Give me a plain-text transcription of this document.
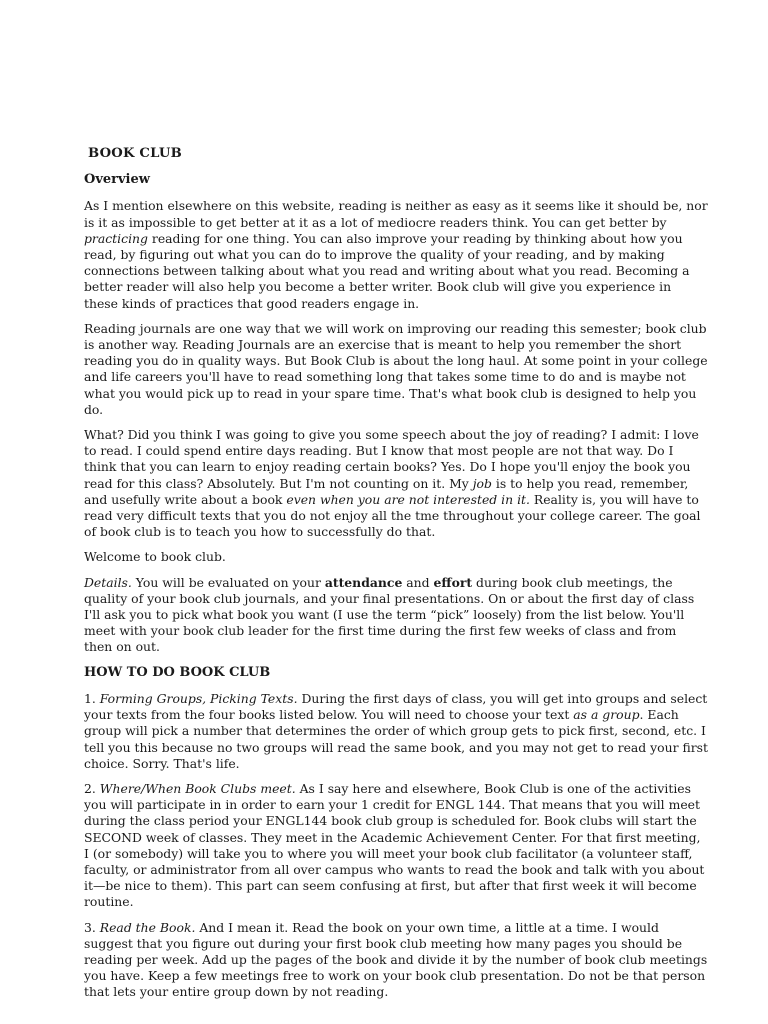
BOOK CLUB
Overview

As I mention elsewhere on this website, reading is neither as easy as it seems like it should be, nor is it as impossible to get better at it as a lot of mediocre readers think. You can get better by practicing reading for one thing. You can also improve your reading by thinking about how you read, by figuring out what you can do to improve the quality of your reading, and by making connections between talking about what you read and writing about what you read. Becoming a better reader will also help you become a better writer. Book club will give you experience in these kinds of practices that good readers engage in.

Reading journals are one way that we will work on improving our reading this semester; book club is another way. Reading Journals are an exercise that is meant to help you remember the short reading you do in quality ways. But Book Club is about the long haul. At some point in your college and life careers you'll have to read something long that takes some time to do and is maybe not what you would pick up to read in your spare time. That's what book club is designed to help you do.

What? Did you think I was going to give you some speech about the joy of reading? I admit: I love to read. I could spend entire days reading. But I know that most people are not that way. Do I think that you can learn to enjoy reading certain books? Yes. Do I hope you'll enjoy the book you read for this class? Absolutely. But I'm not counting on it. My job is to help you read, remember, and usefully write about a book even when you are not interested in it. Reality is, you will have to read very difficult texts that you do not enjoy all the tme throughout your college career. The goal of book club is to teach you how to successfully do that.

Welcome to book club.

Details. You will be evaluated on your attendance and effort during book club meetings, the quality of your book club journals, and your final presentations. On or about the first day of class I'll ask you to pick what book you want (I use the term “pick” loosely) from the list below. You'll meet with your book club leader for the first time during the first few weeks of class and from then on out.

HOW TO DO BOOK CLUB

1. Forming Groups, Picking Texts. During the first days of class, you will get into groups and select your texts from the four books listed below. You will need to choose your text as a group. Each group will pick a number that determines the order of which group gets to pick first, second, etc. I tell you this because no two groups will read the same book, and you may not get to read your first choice. Sorry. That's life.

2. Where/When Book Clubs meet. As I say here and elsewhere, Book Club is one of the activities you will participate in in order to earn your 1 credit for ENGL 144. That means that you will meet during the class period your ENGL144 book club group is scheduled for. Book clubs will start the SECOND week of classes. They meet in the Academic Achievement Center. For that first meeting, I (or somebody) will take you to where you will meet your book club facilitator (a volunteer staff, faculty, or administrator from all over campus who wants to read the book and talk with you about it—be nice to them). This part can seem confusing at first, but after that first week it will become routine.

3. Read the Book. And I mean it. Read the book on your own time, a little at a time. I would suggest that you figure out during your first book club meeting how many pages you should be reading per week. Add up the pages of the book and divide it by the number of book club meetings you have. Keep a few meetings free to work on your book club presentation. Do not be that person that lets your entire group down by not reading.
